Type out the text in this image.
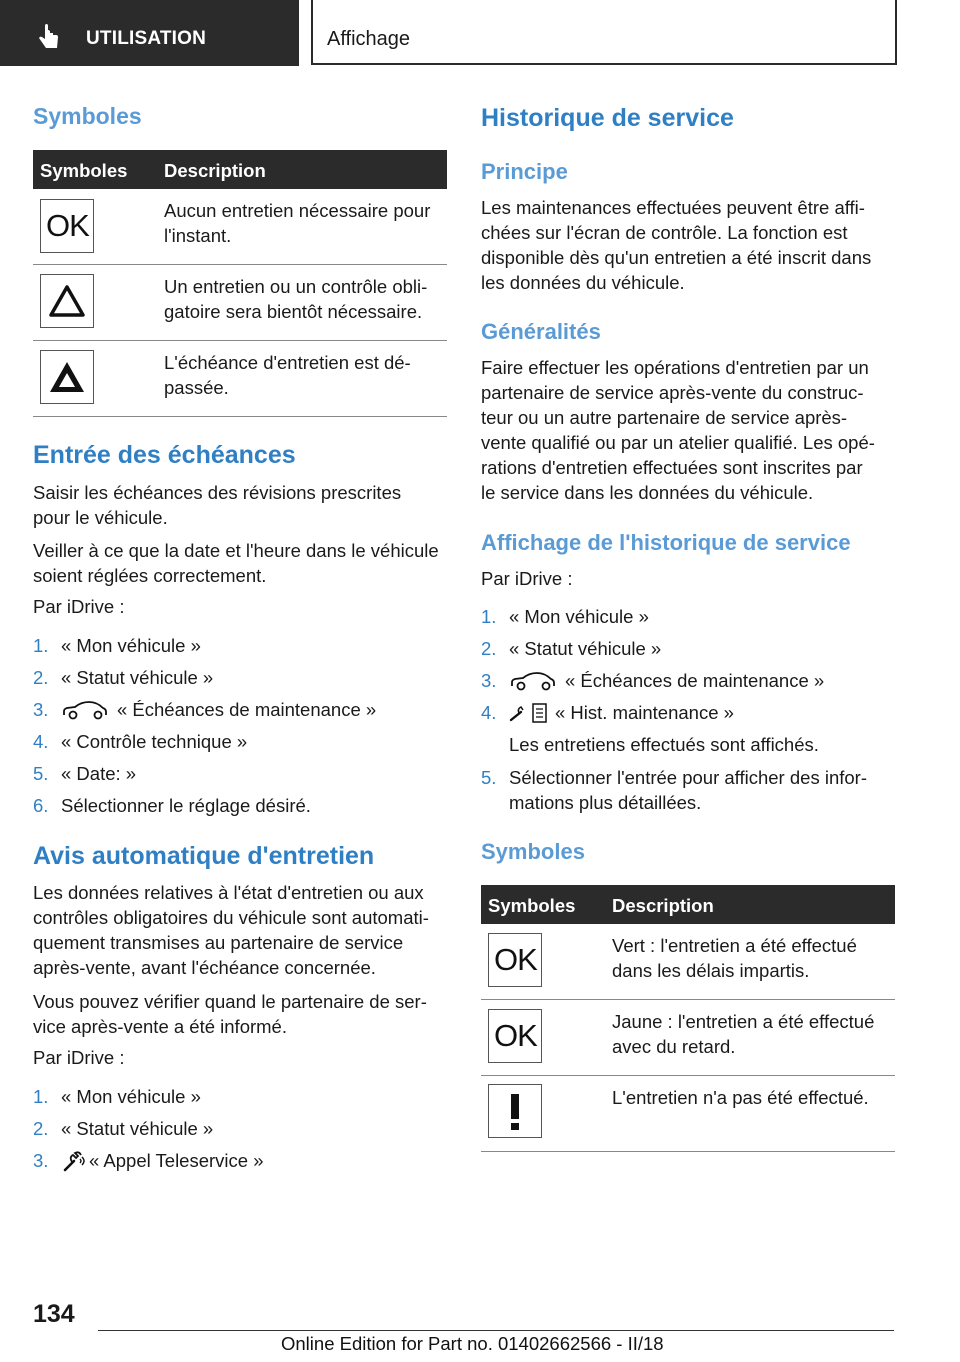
UTILISATION	Affichage
Symboles
Symboles Description
OK	Aucun entretien nécessaire pour
l'instant.
Un entretien ou un contrôle obli-
gatoire sera bientôt nécessaire.
L'échéance d'entretien est dé-
passée.
Entrée des échéances
Saisir les échéances des révisions prescrites
pour le véhicule.
Veiller à ce que la date et l'heure dans le véhicule
soient réglées correctement.
Par iDrive :
1. « Mon véhicule »
2. « Statut véhicule »
3.	« Échéances de maintenance »
4. « Contrôle technique »
5. « Date: »
6. Sélectionner le réglage désiré.
Avis automatique d'entretien
Les données relatives à l'état d'entretien ou aux
contrôles obligatoires du véhicule sont automati-
quement transmises au partenaire de service
après-vente, avant l'échéance concernée.
Vous pouvez vérifier quand le partenaire de ser-
vice après-vente a été informé.
Par iDrive :
1. « Mon véhicule »
2. « Statut véhicule »
3. « Appel Teleservice »
Historique de service
Principe
Les maintenances effectuées peuvent être affi-
chées sur l'écran de contrôle. La fonction est
disponible dès qu'un entretien a été inscrit dans
les données du véhicule.
Généralités
Faire effectuer les opérations d'entretien par un
partenaire de service après-vente du construc-
teur ou un autre partenaire de service après-
vente qualifié ou par un atelier qualifié. Les opé-
rations d'entretien effectuées sont inscrites par
le service dans les données du véhicule.
Affichage de l'historique de service
Par iDrive :
1. « Mon véhicule »
2. « Statut véhicule »
3.	« Échéances de maintenance »
4.	« Hist. maintenance »
Les entretiens effectués sont affichés.
5. Sélectionner l'entrée pour afficher des infor-
mations plus détaillées.
Symboles
Symboles Description
OK	Vert : l'entretien a été effectué
dans les délais impartis.
OK	Jaune : l'entretien a été effectué
avec du retard.
L'entretien n'a pas été effectué.
134
Online Edition for Part no. 01402662566 - II/18
